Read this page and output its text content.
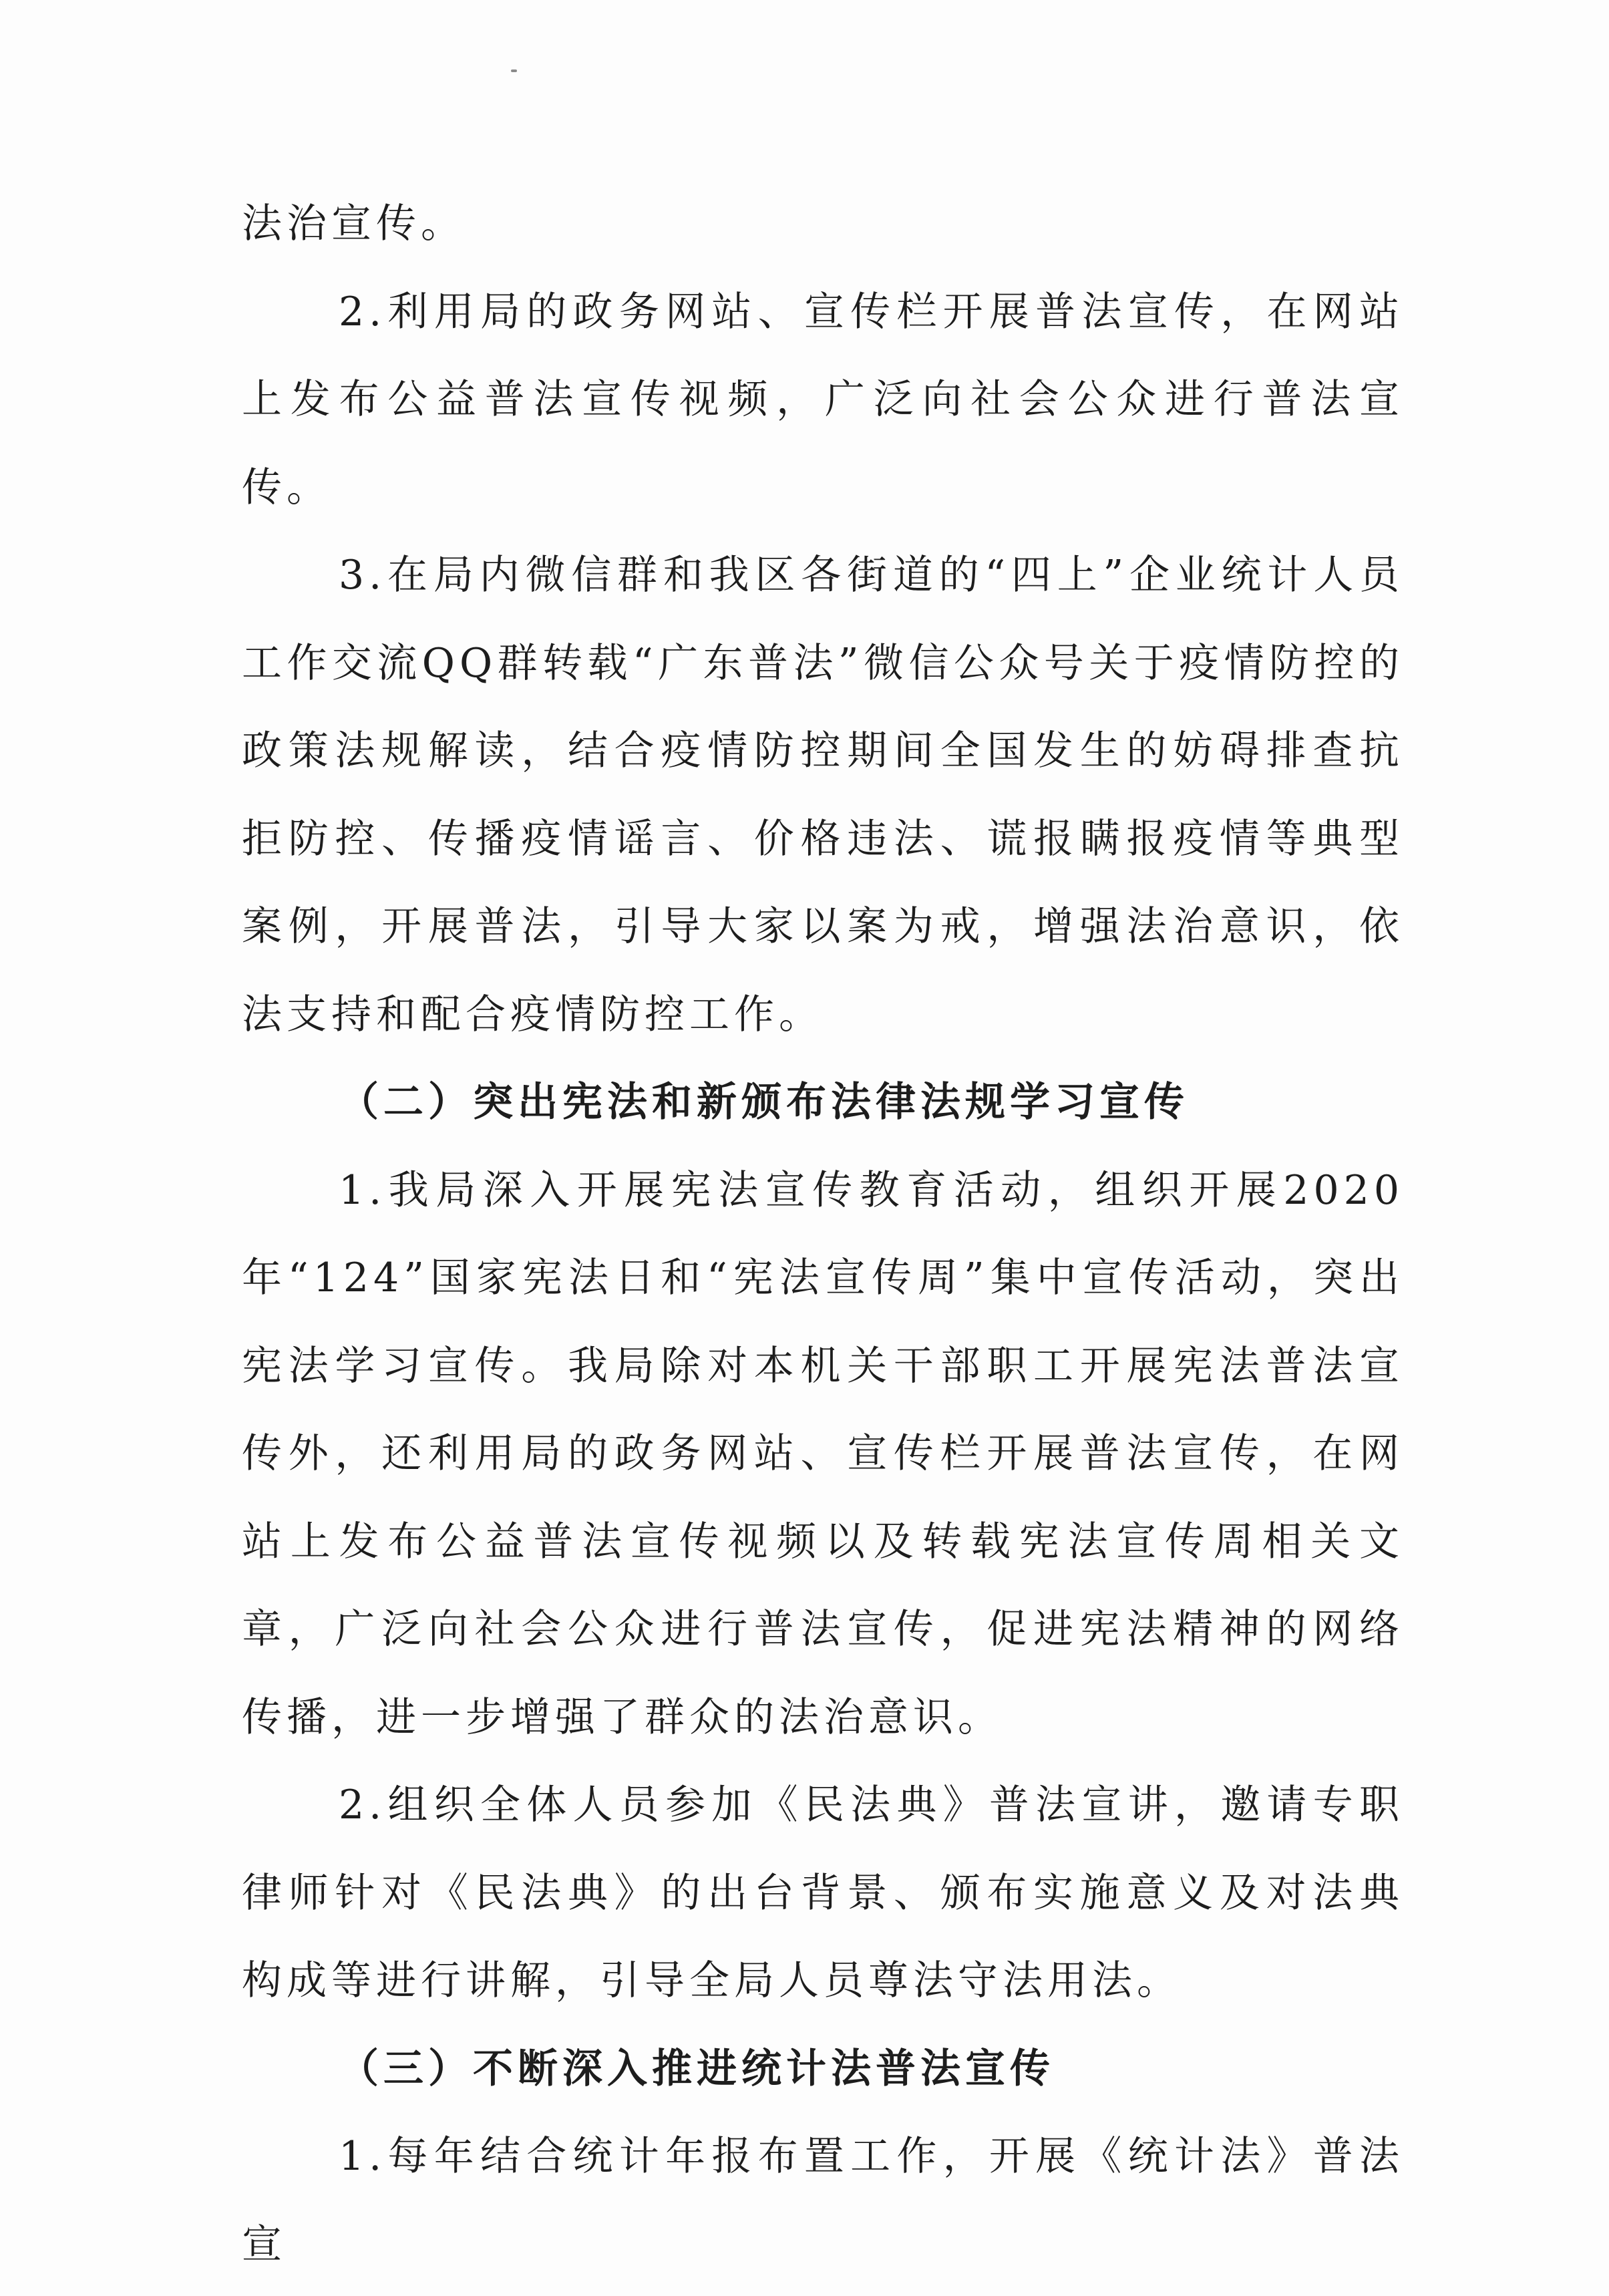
法治宣传。

2.利用局的政务网站、宣传栏开展普法宣传，在网站上发布公益普法宣传视频，广泛向社会公众进行普法宣传。

3.在局内微信群和我区各街道的“四上”企业统计人员工作交流QQ群转载“广东普法”微信公众号关于疫情防控的政策法规解读，结合疫情防控期间全国发生的妨碍排查抗拒防控、传播疫情谣言、价格违法、谎报瞒报疫情等典型案例，开展普法，引导大家以案为戒，增强法治意识，依法支持和配合疫情防控工作。

（二）突出宪法和新颁布法律法规学习宣传

1.我局深入开展宪法宣传教育活动，组织开展2020年“124”国家宪法日和“宪法宣传周”集中宣传活动，突出宪法学习宣传。我局除对本机关干部职工开展宪法普法宣传外，还利用局的政务网站、宣传栏开展普法宣传，在网站上发布公益普法宣传视频以及转载宪法宣传周相关文章，广泛向社会公众进行普法宣传，促进宪法精神的网络传播，进一步增强了群众的法治意识。

2.组织全体人员参加《民法典》普法宣讲，邀请专职律师针对《民法典》的出台背景、颁布实施意义及对法典构成等进行讲解，引导全局人员尊法守法用法。

（三）不断深入推进统计法普法宣传

1.每年结合统计年报布置工作，开展《统计法》普法宣
